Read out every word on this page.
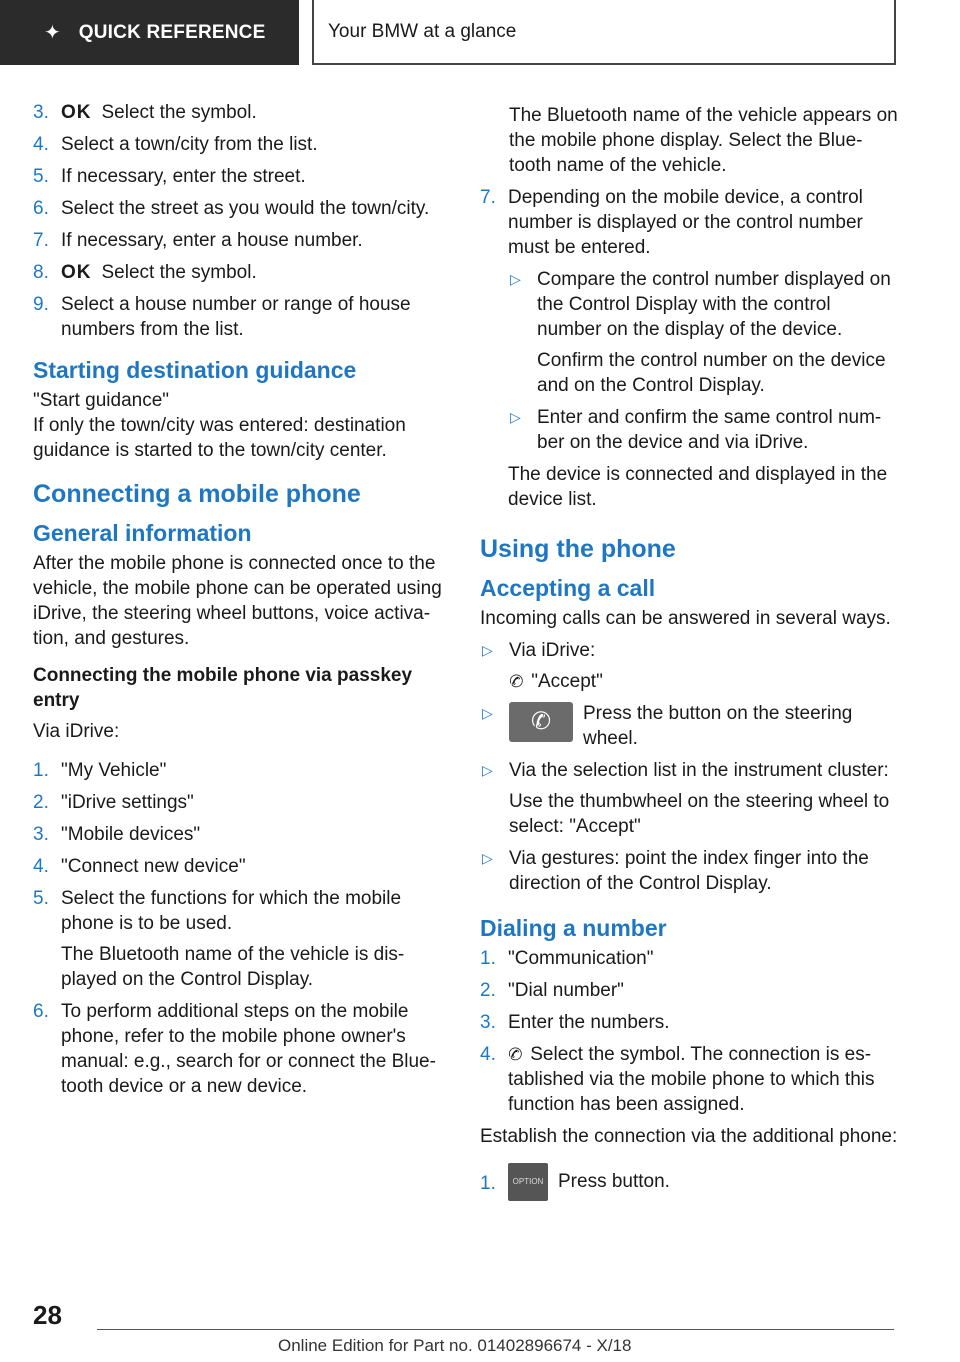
✦ QUICK REFERENCE	Your BMW at a glance
3. OK Select the symbol.

4. Select a town/city from the list.

5. If necessary, enter the street.

6. Select the street as you would the town/city.

7. If necessary, enter a house number.

8. OK Select the symbol.

9. Select a house number or range of house numbers from the list.

Starting destination guidance

"Start guidance"

If only the town/city was entered: destination guidance is started to the town/city center.

Connecting a mobile phone
General information

After the mobile phone is connected once to the vehicle, the mobile phone can be operated using iDrive, the steering wheel buttons, voice activa-tion, and gestures.

Connecting the mobile phone via passkey entry

Via iDrive:

1. "My Vehicle"

2. "iDrive settings"

3. "Mobile devices"

4. "Connect new device"

5. Select the functions for which the mobile phone is to be used.

The Bluetooth name of the vehicle is dis-played on the Control Display.

6. To perform additional steps on the mobile phone, refer to the mobile phone owner's manual: e.g., search for or connect the Blue-tooth device or a new device.

The Bluetooth name of the vehicle appears on the mobile phone display. Select the Blue-tooth name of the vehicle.

7. Depending on the mobile device, a control number is displayed or the control number must be entered.

▷ Compare the control number displayed on the Control Display with the control number on the display of the device.

Confirm the control number on the device and on the Control Display.

▷ Enter and confirm the same control num-ber on the device and via iDrive.

The device is connected and displayed in the device list.

Using the phone
Accepting a call

Incoming calls can be answered in several ways.

▷ Via iDrive:

✆ "Accept"

▷	✆	Press the button on the steering wheel.

▷ Via the selection list in the instrument cluster:

Use the thumbwheel on the steering wheel to select: "Accept"

▷ Via gestures: point the index finger into the direction of the Control Display.

Dialing a number
1. "Communication"

2. "Dial number"

3. Enter the numbers.

4. ✆ Select the symbol. The connection is es-tablished via the mobile phone to which this function has been assigned.

Establish the connection via the additional phone:

1.	OPTION Press button.

28
Online Edition for Part no. 01402896674 - X/18
